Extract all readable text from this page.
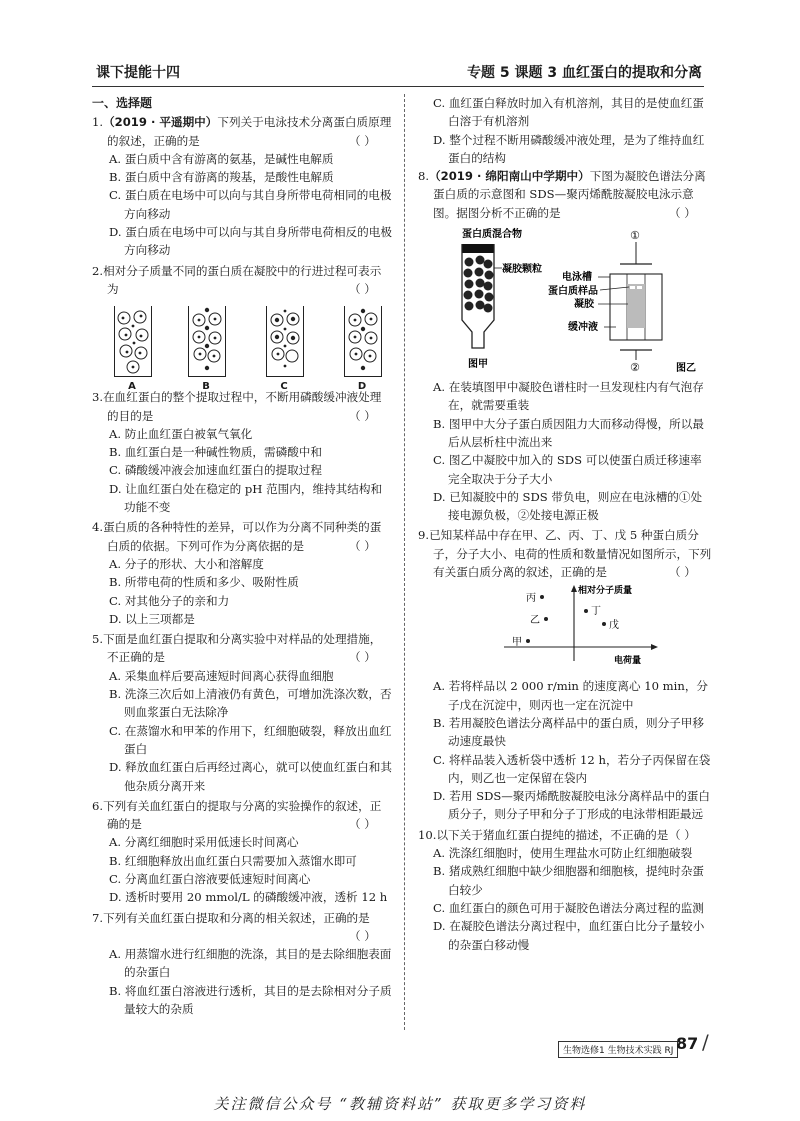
课下提能十四	专题 5 课题 3 血红蛋白的提取和分离
一、选择题
1.（2019 · 平遥期中）下列关于电泳技术分离蛋白质原理的叙述，正确的是	（ ）
A. 蛋白质中含有游离的氨基，是碱性电解质
B. 蛋白质中含有游离的羧基，是酸性电解质
C. 蛋白质在电场中可以向与其自身所带电荷相同的电极方向移动
D. 蛋白质在电场中可以向与其自身所带电荷相反的电极方向移动
2.相对分子质量不同的蛋白质在凝胶中的行进过程可表示为	（ ）
A	B	C	D
3.在血红蛋白的整个提取过程中，不断用磷酸缓冲液处理的目的是	（ ）
A. 防止血红蛋白被氧气氧化
B. 血红蛋白是一种碱性物质，需磷酸中和
C. 磷酸缓冲液会加速血红蛋白的提取过程
D. 让血红蛋白处在稳定的 pH 范围内，维持其结构和功能不变
4.蛋白质的各种特性的差异，可以作为分离不同种类的蛋白质的依据。下列可作为分离依据的是	（ ）
A. 分子的形状、大小和溶解度
B. 所带电荷的性质和多少、吸附性质
C. 对其他分子的亲和力
D. 以上三项都是
5.下面是血红蛋白提取和分离实验中对样品的处理措施，不正确的是	（ ）
A. 采集血样后要高速短时间离心获得血细胞
B. 洗涤三次后如上清液仍有黄色，可增加洗涤次数，否则血浆蛋白无法除净
C. 在蒸馏水和甲苯的作用下，红细胞破裂，释放出血红蛋白
D. 释放血红蛋白后再经过离心，就可以使血红蛋白和其他杂质分离开来
6.下列有关血红蛋白的提取与分离的实验操作的叙述，正确的是	（ ）
A. 分离红细胞时采用低速长时间离心
B. 红细胞释放出血红蛋白只需要加入蒸馏水即可
C. 分离血红蛋白溶液要低速短时间离心
D. 透析时要用 20 mmol/L 的磷酸缓冲液，透析 12 h
7.下列有关血红蛋白提取和分离的相关叙述，正确的是
（ ）
A. 用蒸馏水进行红细胞的洗涤，其目的是去除细胞表面的杂蛋白
B. 将血红蛋白溶液进行透析，其目的是去除相对分子质量较大的杂质
C. 血红蛋白释放时加入有机溶剂，其目的是使血红蛋白溶于有机溶剂
D. 整个过程不断用磷酸缓冲液处理，是为了维持血红蛋白的结构
8.（2019 · 绵阳南山中学期中）下图为凝胶色谱法分离蛋白质的示意图和 SDS—聚丙烯酰胺凝胶电泳示意图。据图分析不正确的是	（ ）
蛋白质混合物
凝胶颗粒
图甲
①
②	图乙
电泳槽
蛋白质样品
凝胶
缓冲液
A. 在装填图甲中凝胶色谱柱时一旦发现柱内有气泡存在，就需要重装
B. 图甲中大分子蛋白质因阻力大而移动得慢，所以最后从层析柱中流出来
C. 图乙中凝胶中加入的 SDS 可以使蛋白质迁移速率完全取决于分子大小
D. 已知凝胶中的 SDS 带负电，则应在电泳槽的①处接电源负极，②处接电源正极
9.已知某样品中存在甲、乙、丙、丁、戊 5 种蛋白质分子，分子大小、电荷的性质和数量情况如图所示，下列有关蛋白质分离的叙述，正确的是	（ ）
相对分子质量
电荷量
丙
乙
丁
戊
甲
A. 若将样品以 2 000 r/min 的速度离心 10 min，分子戊在沉淀中，则丙也一定在沉淀中
B. 若用凝胶色谱法分离样品中的蛋白质，则分子甲移动速度最快
C. 将样品装入透析袋中透析 12 h，若分子丙保留在袋内，则乙也一定保留在袋内
D. 若用 SDS—聚丙烯酰胺凝胶电泳分离样品中的蛋白质分子，则分子甲和分子丁形成的电泳带相距最远
10.以下关于猪血红蛋白提纯的描述，不正确的是 （ ）
A. 洗涤红细胞时，使用生理盐水可防止红细胞破裂
B. 猪成熟红细胞中缺少细胞器和细胞核，提纯时杂蛋白较少
C. 血红蛋白的颜色可用于凝胶色谱法分离过程的监测
D. 在凝胶色谱法分离过程中，血红蛋白比分子量较小的杂蛋白移动慢
生物选修1 生物技术实践 RJ 87 /
关注微信公众号 “教辅资料站” 获取更多学习资料
